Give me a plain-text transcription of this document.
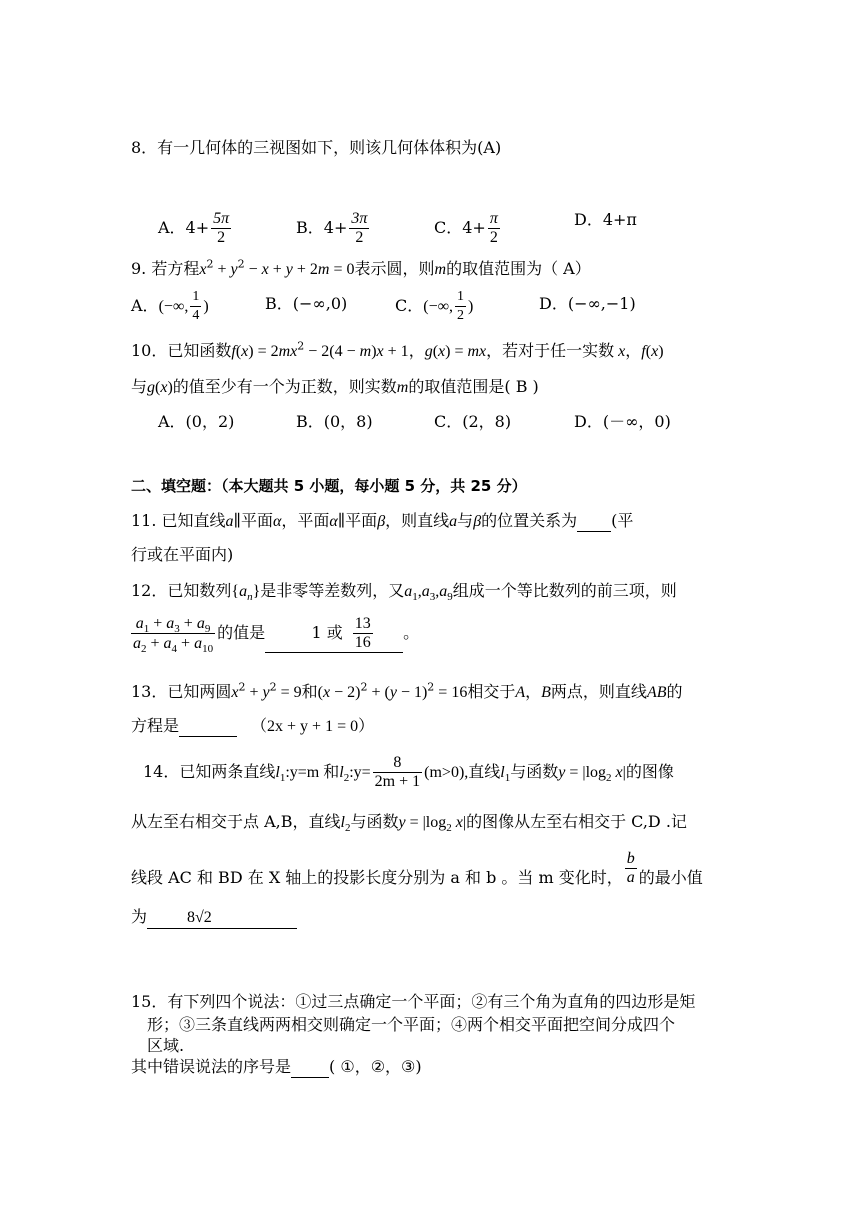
8．有一几何体的三视图如下，则该几何体体积为(A)
A．$4+ \frac{5\pi}{2}$	B．$4+ \frac{3\pi}{2}$	C．$4+ \frac{\pi}{2}$	D．4+π
9. 若方程$x^2 + y^2 - x + y + 2m = 0$表示圆，则m的取值范围为（ A）
A．(−∞, $\frac{1}{4}$ )	B．(−∞,0)	C．(−∞, $\frac{1}{2}$ )	D．(−∞,−1)
10．已知函数$f(x) = 2mx^2 - 2(4 - m)x + 1$，g(x) = mx，若对于任一实数 x，f(x)
与g(x)的值至少有一个为正数，则实数m的取值范围是( B )
A．(0，2)	B．(0，8)	C．(2，8)	D．(－∞，0)
二、填空题：（本大题共 5 小题，每小题 5 分，共 25 分）
11. 已知直线a∥平面α，平面α∥平面β，则直线a与β的位置关系为 (平
行或在平面内)
12．已知数列$\{a_n\}$是非零等差数列，又$a_1,a_3,a_9$组成一个等比数列的前三项，则
$\frac{a_1 + a_3 + a_9}{a_2 + a_4 + a_{10}}$ 的值是	1 或 $\frac{13}{16}$ 。
13．已知两圆$x^2 + y^2 = 9$和$(x - 2)^2 + (y - 1)^2 = 16$相交于A，B两点，则直线AB的
方程是	（2x + y + 1 = 0）
14．已知两条直线$l_1:y=m$ 和$l_2:y= \frac{8}{2m + 1} (m>0)$,直线$l_1$与函数$y = |\log_2$ x|的图像
从左至右相交于点 A,B，直线$l_2$与函数$y = |\log_2$ x|的图像从左至右相交于 C,D .记
线段 AC 和 BD 在 X 轴上的投影长度分别为 a 和 b 。当 m 变化时， $\frac{b}{a}$ 的最小值
为	8√2
15．有下列四个说法：①过三点确定一个平面；②有三个角为直角的四边形是矩
形；③三条直线两两相交则确定一个平面；④两个相交平面把空间分成四个
区域.
其中错误说法的序号是 ( ①，②，③)
